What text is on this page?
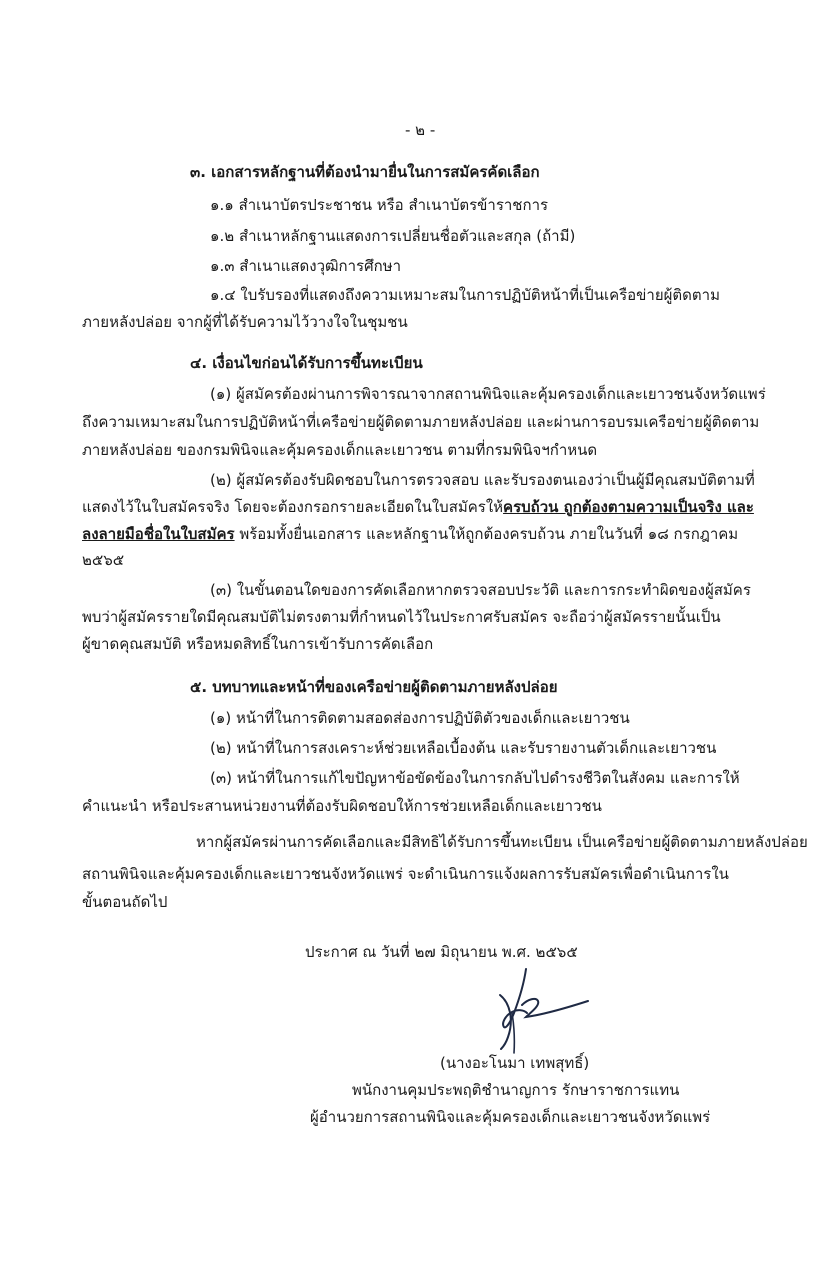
- ๒ -

๓. เอกสารหลักฐานที่ต้องนำมายื่นในการสมัครคัดเลือก

๑.๑ สำเนาบัตรประชาชน หรือ สำเนาบัตรข้าราชการ

๑.๒ สำเนาหลักฐานแสดงการเปลี่ยนชื่อตัวและสกุล (ถ้ามี)

๑.๓ สำเนาแสดงวุฒิการศึกษา

๑.๔ ใบรับรองที่แสดงถึงความเหมาะสมในการปฏิบัติหน้าที่เป็นเครือข่ายผู้ติดตาม

ภายหลังปล่อย จากผู้ที่ได้รับความไว้วางใจในชุมชน

๔. เงื่อนไขก่อนได้รับการขึ้นทะเบียน

(๑) ผู้สมัครต้องผ่านการพิจารณาจากสถานพินิจและคุ้มครองเด็กและเยาวชนจังหวัดแพร่

ถึงความเหมาะสมในการปฏิบัติหน้าที่เครือข่ายผู้ติดตามภายหลังปล่อย และผ่านการอบรมเครือข่ายผู้ติดตาม

ภายหลังปล่อย ของกรมพินิจและคุ้มครองเด็กและเยาวชน ตามที่กรมพินิจฯกำหนด

(๒) ผู้สมัครต้องรับผิดชอบในการตรวจสอบ และรับรองตนเองว่าเป็นผู้มีคุณสมบัติตามที่

แสดงไว้ในใบสมัครจริง โดยจะต้องกรอกรายละเอียดในใบสมัครให้ครบถ้วน ถูกต้องตามความเป็นจริง และ

ลงลายมือชื่อในใบสมัคร พร้อมทั้งยื่นเอกสาร และหลักฐานให้ถูกต้องครบถ้วน ภายในวันที่ ๑๘ กรกฎาคม

๒๕๖๕

(๓) ในขั้นตอนใดของการคัดเลือกหากตรวจสอบประวัติ และการกระทำผิดของผู้สมัคร

พบว่าผู้สมัครรายใดมีคุณสมบัติไม่ตรงตามที่กำหนดไว้ในประกาศรับสมัคร จะถือว่าผู้สมัครรายนั้นเป็น

ผู้ขาดคุณสมบัติ หรือหมดสิทธิ์ในการเข้ารับการคัดเลือก

๕. บทบาทและหน้าที่ของเครือข่ายผู้ติดตามภายหลังปล่อย

(๑) หน้าที่ในการติดตามสอดส่องการปฏิบัติตัวของเด็กและเยาวชน

(๒) หน้าที่ในการสงเคราะห์ช่วยเหลือเบื้องต้น และรับรายงานตัวเด็กและเยาวชน

(๓) หน้าที่ในการแก้ไขปัญหาข้อขัดข้องในการกลับไปดำรงชีวิตในสังคม และการให้

คำแนะนำ หรือประสานหน่วยงานที่ต้องรับผิดชอบให้การช่วยเหลือเด็กและเยาวชน

หากผู้สมัครผ่านการคัดเลือกและมีสิทธิได้รับการขึ้นทะเบียน เป็นเครือข่ายผู้ติดตามภายหลังปล่อย

สถานพินิจและคุ้มครองเด็กและเยาวชนจังหวัดแพร่ จะดำเนินการแจ้งผลการรับสมัครเพื่อดำเนินการใน

ขั้นตอนถัดไป

ประกาศ ณ วันที่ ๒๗ มิถุนายน พ.ศ. ๒๕๖๕

(นางอะโนมา เทพสุทธิ์)

พนักงานคุมประพฤติชำนาญการ รักษาราชการแทน

ผู้อำนวยการสถานพินิจและคุ้มครองเด็กและเยาวชนจังหวัดแพร่
